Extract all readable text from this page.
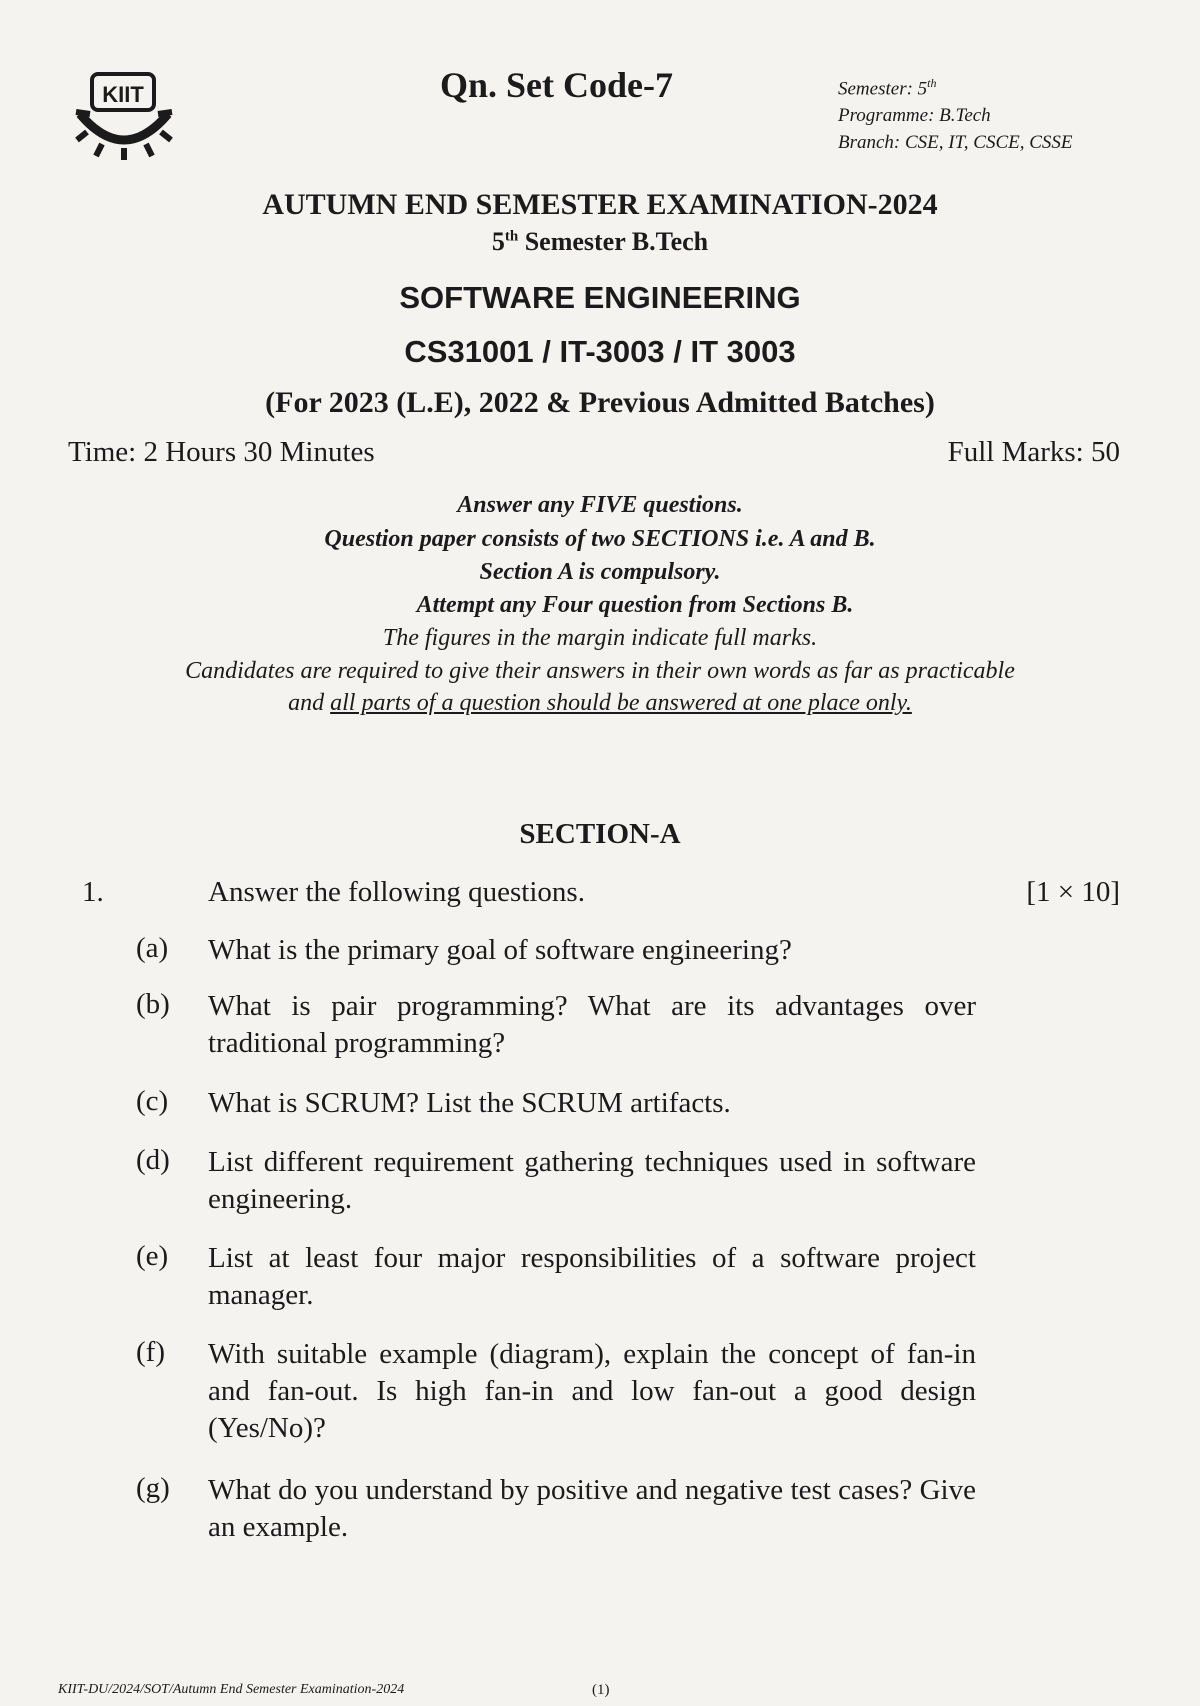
KIIT	Qn. Set Code-7	Semester: 5th
Programme: B.Tech
Branch: CSE, IT, CSCE, CSSE
AUTUMN END SEMESTER EXAMINATION-2024
5th Semester B.Tech
SOFTWARE ENGINEERING
CS31001 / IT-3003 / IT 3003
(For 2023 (L.E), 2022 & Previous Admitted Batches)
Time: 2 Hours 30 Minutes	Full Marks: 50
Answer any FIVE questions.
Question paper consists of two SECTIONS i.e. A and B.
Section A is compulsory.
Attempt any Four question from Sections B.
The figures in the margin indicate full marks.
Candidates are required to give their answers in their own words as far as practicable
and all parts of a question should be answered at one place only.
SECTION-A
1.	Answer the following questions.	[1 × 10]
(a) What is the primary goal of software engineering?
(b) What is pair programming? What are its advantages over traditional programming?
(c) What is SCRUM? List the SCRUM artifacts.
(d) List different requirement gathering techniques used in software engineering.
(e) List at least four major responsibilities of a software project manager.
(f) With suitable example (diagram), explain the concept of fan-in and fan-out. Is high fan-in and low fan-out a good design (Yes/No)?
(g) What do you understand by positive and negative test cases? Give an example.
KIIT-DU/2024/SOT/Autumn End Semester Examination-2024	(1)
